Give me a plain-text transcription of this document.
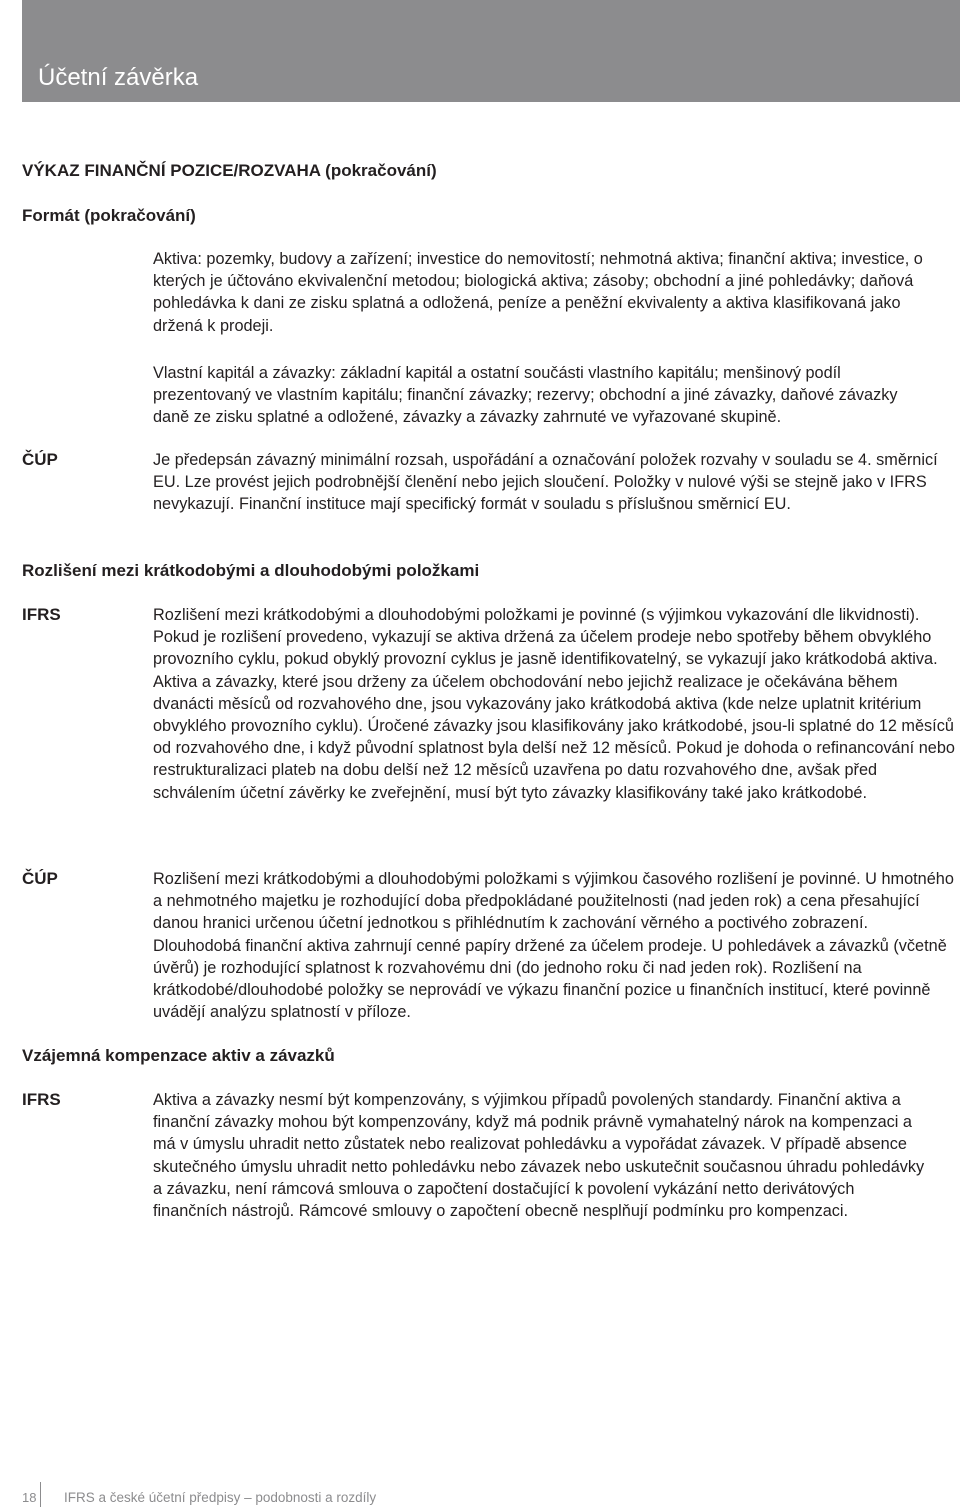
Účetní závěrka
VÝKAZ FINANČNÍ POZICE/ROZVAHA (pokračování)
Formát (pokračování)

Aktiva: pozemky, budovy a zařízení; investice do nemovitostí; nehmotná aktiva; finanční aktiva; investice, o kterých je účtováno ekvivalenční metodou; biologická aktiva; zásoby; obchodní a jiné pohledávky; daňová pohledávka k dani ze zisku splatná a odložená, peníze a peněžní ekvivalenty a aktiva klasifikovaná jako držená k prodeji.

Vlastní kapitál a závazky: základní kapitál a ostatní součásti vlastního kapitálu; menšinový podíl prezentovaný ve vlastním kapitálu; finanční závazky; rezervy; obchodní a jiné závazky, daňové závazky daně ze zisku splatné a odložené, závazky a závazky zahrnuté ve vyřazované skupině.

ČÚP	Je předepsán závazný minimální rozsah, uspořádání a označování položek rozvahy v souladu se 4. směrnicí EU. Lze provést jejich podrobnější členění nebo jejich sloučení. Položky v nulové výši se stejně jako v IFRS nevykazují. Finanční instituce mají specifický formát v souladu s příslušnou směrnicí EU.

Rozlišení mezi krátkodobými a dlouhodobými položkami
IFRS	Rozlišení mezi krátkodobými a dlouhodobými položkami je povinné (s výjimkou vykazování dle likvidnosti). Pokud je rozlišení provedeno, vykazují se aktiva držená za účelem prodeje nebo spotřeby během obvyklého provozního cyklu, pokud obyklý provozní cyklus je jasně identifikovatelný, se vykazují jako krátkodobá aktiva. Aktiva a závazky, které jsou drženy za účelem obchodování nebo jejichž realizace je očekávána během dvanácti měsíců od rozvahového dne, jsou vykazovány jako krátkodobá aktiva (kde nelze uplatnit kritérium obvyklého provozního cyklu). Úročené závazky jsou klasifikovány jako krátkodobé, jsou-li splatné do 12 měsíců od rozvahového dne, i když původní splatnost byla delší než 12 měsíců. Pokud je dohoda o refinancování nebo restrukturalizaci plateb na dobu delší než 12 měsíců uzavřena po datu rozvahového dne, avšak před schválením účetní závěrky ke zveřejnění, musí být tyto závazky klasifikovány také jako krátkodobé.

ČÚP	Rozlišení mezi krátkodobými a dlouhodobými položkami s výjimkou časového rozlišení je povinné. U hmotného a nehmotného majetku je rozhodující doba předpokládané použitelnosti (nad jeden rok) a cena přesahující danou hranici určenou účetní jednotkou s přihlédnutím k zachování věrného a poctivého zobrazení. Dlouhodobá finanční aktiva zahrnují cenné papíry držené za účelem prodeje. U pohledávek a závazků (včetně úvěrů) je rozhodující splatnost k rozvahovému dni (do jednoho roku či nad jeden rok). Rozlišení na krátkodobé/dlouhodobé položky se neprovádí ve výkazu finanční pozice u finančních institucí, které povinně uvádějí analýzu splatností v příloze.

Vzájemná kompenzace aktiv a závazků
IFRS	Aktiva a závazky nesmí být kompenzovány, s výjimkou případů povolených standardy. Finanční aktiva a finanční závazky mohou být kompenzovány, když má podnik právně vymahatelný nárok na kompenzaci a má v úmyslu uhradit netto zůstatek nebo realizovat pohledávku a vypořádat závazek. V případě absence skutečného úmyslu uhradit netto pohledávku nebo závazek nebo uskutečnit současnou úhradu pohledávky a závazku, není rámcová smlouva o započtení dostačující k povolení vykázání netto derivátových finančních nástrojů. Rámcové smlouvy o započtení obecně nesplňují podmínku pro kompenzaci.

18 IFRS a české účetní předpisy – podobnosti a rozdíly
